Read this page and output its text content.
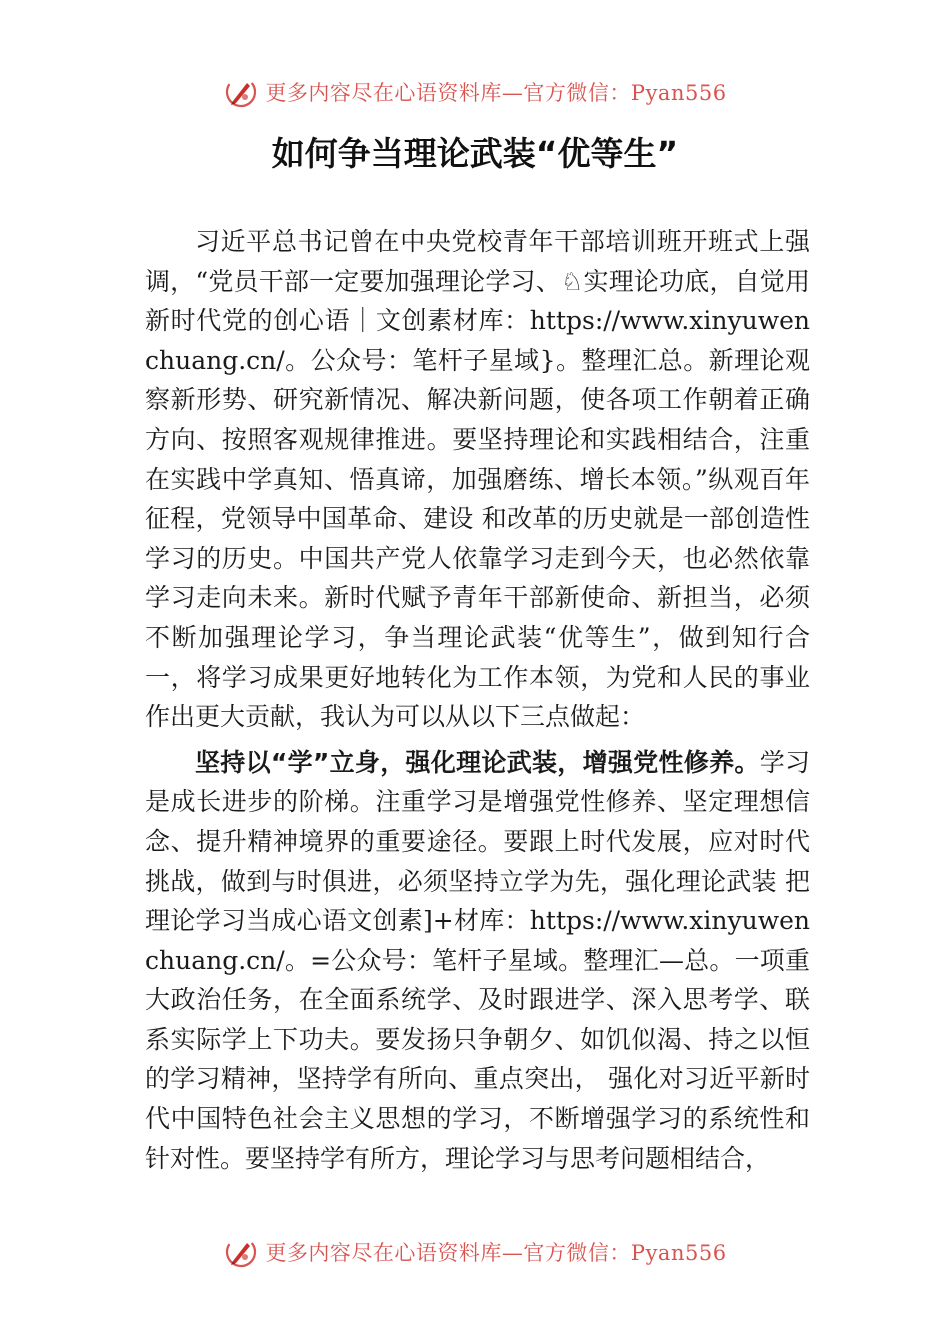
更多内容尽在心语资料库—官方微信：Pyan556
如何争当理论武装“优等生”

习近平总书记曾在中央党校青年干部培训班开班式上强调，“党员干部一定要加强理论学习、♘实理论功底，自觉用新时代党的创心语｜文创素材库：https://www.xinyuwenchuang.cn/。公众号：笔杆子星域}。整理汇总。新理论观察新形势、研究新情况、解决新问题，使各项工作朝着正确方向、按照客观规律推进。要坚持理论和实践相结合，注重在实践中学真知、悟真谛，加强磨练、增长本领。”纵观百年征程，党领导中国革命、建设 和改革的历史就是一部创造性学习的历史。中国共产党人依靠学习走到今天，也必然依靠学习走向未来。新时代赋予青年干部新使命、新担当，必须不断加强理论学习，争当理论武装“优等生”，做到知行合一，将学习成果更好地转化为工作本领，为党和人民的事业作出更大贡献，我认为可以从以下三点做起：

坚持以“学”立身，强化理论武装，增强党性修养。学习是成长进步的阶梯。注重学习是增强党性修养、坚定理想信念、提升精神境界的重要途径。要跟上时代发展，应对时代挑战，做到与时俱进，必须坚持立学为先，强化理论武装 把理论学习当成心语文创素]+材库：https://www.xinyuwenchuang.cn/。=公众号：笔杆子星域。整理汇—总。一项重大政治任务，在全面系统学、及时跟进学、深入思考学、联系实际学上下功夫。要发扬只争朝夕、如饥似渴、持之以恒的学习精神，坚持学有所向、重点突出， 强化对习近平新时代中国特色社会主义思想的学习，不断增强学习的系统性和针对性。要坚持学有所方，理论学习与思考问题相结合，

更多内容尽在心语资料库—官方微信：Pyan556
